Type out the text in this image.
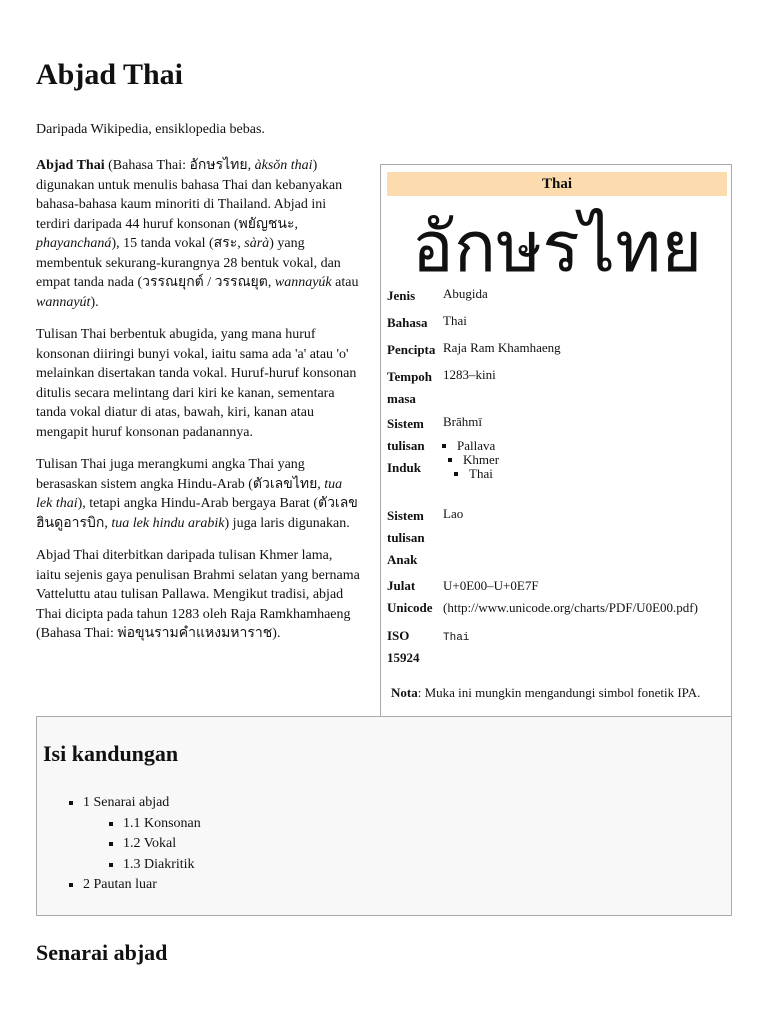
Abjad Thai

Daripada Wikipedia, ensiklopedia bebas.

Abjad Thai (Bahasa Thai: อักษรไทย, àksŏn thai) digunakan untuk menulis bahasa Thai dan kebanyakan bahasa-bahasa kaum minoriti di Thailand. Abjad ini terdiri daripada 44 huruf konsonan (พยัญชนะ, phayanchaná), 15 tanda vokal (สระ, sàrà) yang membentuk sekurang-kurangnya 28 bentuk vokal, dan empat tanda nada (วรรณยุกต์ / วรรณยุต, wannayúk atau wannayút).

Tulisan Thai berbentuk abugida, yang mana huruf konsonan diiringi bunyi vokal, iaitu sama ada 'a' atau 'o' melainkan disertakan tanda vokal. Huruf-huruf konsonan ditulis secara melintang dari kiri ke kanan, sementara tanda vokal diatur di atas, bawah, kiri, kanan atau mengapit huruf konsonan padanannya.

Tulisan Thai juga merangkumi angka Thai yang berasaskan sistem angka Hindu-Arab (ตัวเลขไทย, tua lek thai), tetapi angka Hindu-Arab bergaya Barat (ตัวเลขฮินดูอารบิก, tua lek hindu arabik) juga laris digunakan.

Abjad Thai diterbitkan daripada tulisan Khmer lama, iaitu sejenis gaya penulisan Brahmi selatan yang bernama Vatteluttu atau tulisan Pallawa. Mengikut tradisi, abjad Thai dicipta pada tahun 1283 oleh Raja Ramkhamhaeng (Bahasa Thai: พ่อขุนรามคำแหงมหาราช).

Thai
อักษรไทย
Jenis	Abugida
Bahasa	Thai
Pencipta Raja Ram Khamhaeng
Tempoh
masa
1283–kini
Sistem
tulisan
Induk
Brāhmī
▪ Pallava
▪ Khmer
▪ Thai
Sistem
tulisan
Anak
Lao
Julat
Unicode
U+0E00–U+0E7F
(http://www.unicode.org/charts/PDF/U0E00.pdf)
ISO
15924
Thai
Nota: Muka ini mungkin mengandungi simbol fonetik IPA.
Isi kandungan
▪ 1 Senarai abjad
▪ 1.1 Konsonan
▪ 1.2 Vokal
▪ 1.3 Diakritik
▪ 2 Pautan luar
Senarai abjad
